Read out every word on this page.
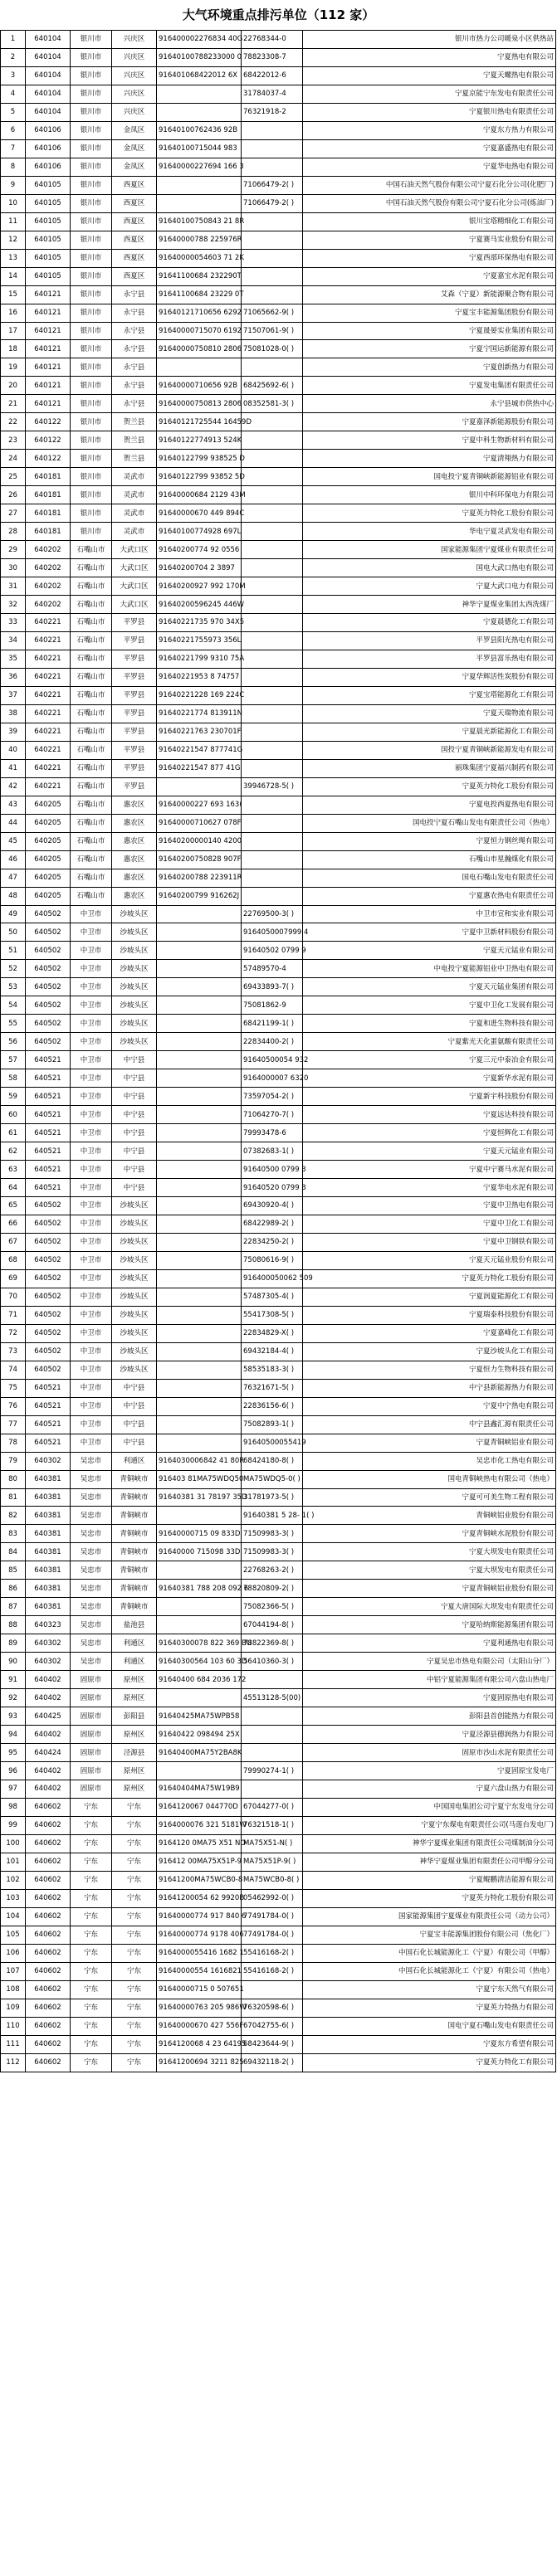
大气环境重点排污单位（112 家）
1	640104	银川市	兴庆区	916400002276834 40G	22768344-0	银川市热力公司暖泉小区供热站
2	640104	银川市	兴庆区	91640100788233000 0	78823308-7	宁夏热电有限公司
3	640104	银川市	兴庆区	916401068422012 6X	68422012-6	宁夏天螺热电有限公司
4	640104	银川市	兴庆区		31784037-4	宁夏京能宁东发电有限责任公司
5	640104	银川市	兴庆区		76321918-2	宁夏银川热电有限责任公司
6	640106	银川市	金凤区	91640100762436 92B		宁夏东方热力有限公司
7	640106	银川市	金凤区	91640100715044 983		宁夏嘉盛热电有限公司
8	640106	银川市	金凤区	91640000227694 166 3		宁夏华电热电有限公司
9	640105	银川市	西夏区		71066479-2( )	中国石油天然气股份有限公司宁夏石化分公司(化肥厂)
10	640105	银川市	西夏区		71066479-2( )	中国石油天然气股份有限公司宁夏石化分公司(炼油厂)
11	640105	银川市	西夏区	91640100750843 21 8R		银川宝塔精细化工有限公司
12	640105	银川市	西夏区	91640000788 225976R		宁夏赛马实业股份有限公司
13	640105	银川市	西夏区	91640000054603 71 2K		宁夏西部环保热电有限公司
14	640105	银川市	西夏区	91641100684 232290T		宁夏嘉宝水泥有限公司
15	640121	银川市	永宁县	91641100684 23229 0T		艾森（宁夏）新能源聚合物有限公司
16	640121	银川市	永宁县	91640121710656 6292	71065662-9( )	宁夏宝丰能源集团股份有限公司
17	640121	银川市	永宁县	91640000715070 6192	71507061-9( )	宁夏晟晏实业集团有限公司
18	640121	银川市	永宁县	91640000750810 2806	75081028-0( )	宁夏宁国运新能源有限公司
19	640121	银川市	永宁县			宁夏创新热力有限公司
20	640121	银川市	永宁县	91640000710656 92B	68425692-6( )	宁夏发电集团有限责任公司
21	640121	银川市	永宁县	91640000750813 2806	08352581-3( )	永宁县城市供热中心
22	640122	银川市	贺兰县	91640121725544 16459D		宁夏嘉泽新能源股份有限公司
23	640122	银川市	贺兰县	91640122774913 524K		宁夏中科生物新材料有限公司
24	640122	银川市	贺兰县	91640122799 938525 D		宁夏清翔热力有限公司
25	640181	银川市	灵武市	91640122799 93852 5D		国电投宁夏青铜峡新能源铝业有限公司
26	640181	银川市	灵武市	91640000684 2129 43M		银川中科环保电力有限公司
27	640181	银川市	灵武市	91640000670 449 894C		宁夏英力特化工股份有限公司
28	640181	银川市	灵武市	91640100774928 697L		华电宁夏灵武发电有限公司
29	640202	石嘴山市	大武口区	91640200774 92 0556		国家能源集团宁夏煤业有限责任公司
30	640202	石嘴山市	大武口区	91640200704 2 3897		国电大武口热电有限公司
31	640202	石嘴山市	大武口区	91640200927 992 170M		宁夏大武口电力有限公司
32	640202	石嘴山市	大武口区	91640200596245 446W		神华宁夏煤业集团太西洗煤厂
33	640221	石嘴山市	平罗县	91640221735 970 34X5		宁夏晨德化工有限公司
34	640221	石嘴山市	平罗县	91640221755973 356L		平罗县阳光热电有限公司
35	640221	石嘴山市	平罗县	91640221799 9310 75A		平罗县富乐热电有限公司
36	640221	石嘴山市	平罗县	91640221953 8 74757		宁夏华辉活性炭股份有限公司
37	640221	石嘴山市	平罗县	91640221228 169 224C		宁夏宝塔能源化工有限公司
38	640221	石嘴山市	平罗县	91640221774 813911N		宁夏天瑞物流有限公司
39	640221	石嘴山市	平罗县	91640221763 230701F		宁夏晨光新能源化工有限公司
40	640221	石嘴山市	平罗县	91640221547 877741G		国投宁夏青铜峡新能源发电有限公司
41	640221	石嘴山市	平罗县	91640221547 877 41G		丽珠集团宁夏福兴制药有限公司
42	640221	石嘴山市	平罗县		39946728-5( )	宁夏英力特化工股份有限公司
43	640205	石嘴山市	惠农区	91640000227 693 163(		宁夏电投西夏热电有限公司
44	640205	石嘴山市	惠农区	91640000710627 078F		国电投宁夏石嘴山发电有限责任公司（热电）
45	640205	石嘴山市	惠农区	91640200000140 4200		宁夏恒力钢丝绳有限公司
46	640205	石嘴山市	惠农区	91640200750828 907F		石嘴山市星瀚煤化有限公司
47	640205	石嘴山市	惠农区	91640200788 223911R		国电石嘴山发电有限责任公司
48	640205	石嘴山市	惠农区	91640200799 916262J		宁夏惠农热电有限责任公司
49	640502	中卫市	沙坡头区		22769500-3( )	中卫市宣和实业有限公司
50	640502	中卫市	沙坡头区		9164050007999 4	宁夏中卫新材料股份有限公司
51	640502	中卫市	沙坡头区		91640502 0799 9	宁夏天元锰业有限公司
52	640502	中卫市	沙坡头区		57489570-4	中电投宁夏能源铝业中卫热电有限公司
53	640502	中卫市	沙坡头区		69433893-7( )	宁夏天元锰业集团有限公司
54	640502	中卫市	沙坡头区		75081862-9	宁夏中卫化工发展有限公司
55	640502	中卫市	沙坡头区		68421199-1( )	宁夏和进生物科技有限公司
56	640502	中卫市	沙坡头区		22834400-2( )	宁夏紫光天化蛋氨酸有限责任公司
57	640521	中卫市	中宁县		91640500054 932	宁夏三元中泰冶金有限公司
58	640521	中卫市	中宁县		9164000007 6320	宁夏新华水泥有限公司
59	640521	中卫市	中宁县		73597054-2( )	宁夏新宇科技股份有限公司
60	640521	中卫市	中宁县		71064270-7( )	宁夏远达科技有限公司
61	640521	中卫市	中宁县		79993478-6	宁夏恒辉化工有限公司
62	640521	中卫市	中宁县		07382683-1( )	宁夏天元锰业有限公司
63	640521	中卫市	中宁县		91640500 0799 3	宁夏中宁赛马水泥有限公司
64	640521	中卫市	中宁县		91640520 0799 3	宁夏华电水泥有限公司
65	640502	中卫市	沙坡头区		69430920-4( )	宁夏中卫热电有限公司
66	640502	中卫市	沙坡头区		68422989-2( )	宁夏中卫化工有限公司
67	640502	中卫市	沙坡头区		22834250-2( )	宁夏中卫钢铁有限公司
68	640502	中卫市	沙坡头区		75080616-9( )	宁夏天元锰业股份有限公司
69	640502	中卫市	沙坡头区		916400050062 509	宁夏英力特化工股份有限公司
70	640502	中卫市	沙坡头区		57487305-4( )	宁夏润夏能源化工有限公司
71	640502	中卫市	沙坡头区		55417308-5( )	宁夏瑞泰科技股份有限公司
72	640502	中卫市	沙坡头区		22834829-X( )	宁夏嘉峰化工有限公司
73	640502	中卫市	沙坡头区		69432184-4( )	宁夏沙坡头化工有限公司
74	640502	中卫市	沙坡头区		58535183-3( )	宁夏恒力生物科技有限公司
75	640521	中卫市	中宁县		76321671-5( )	中宁县新能源热力有限公司
76	640521	中卫市	中宁县		22836156-6( )	宁夏中宁热电有限公司
77	640521	中卫市	中宁县		75082893-1( )	中宁县鑫汇源有限责任公司
78	640521	中卫市	中宁县		91640500055419	宁夏青铜峡铝业有限公司
79	640302	吴忠市	利通区	9164030006842 41 80R	68424180-8( )	吴忠市化工热电有限公司
80	640381	吴忠市	青铜峡市	916403 81MA75WDQ50	MA75WDQ5-0( )	国电青铜峡热电有限公司（热电）
81	640381	吴忠市	青铜峡市	91640381 31 78197 35D	31781973-5( )	宁夏可可美生物工程有限公司
82	640381	吴忠市	青铜峡市		91640381 5 28- 1( )	青铜峡铝业股份有限公司
83	640381	吴忠市	青铜峡市	91640000715 09 833D	71509983-3( )	宁夏青铜峡水泥股份有限公司
84	640381	吴忠市	青铜峡市	91640000 715098 33D	71509983-3( )	宁夏大坝发电有限责任公司
85	640381	吴忠市	青铜峡市		22768263-2( )	宁夏大坝发电有限责任公司
86	640381	吴忠市	青铜峡市	91640381 788 208 092 6	78820809-2( )	宁夏青铜峡铝业股份有限公司
87	640381	吴忠市	青铜峡市		75082366-5( )	宁夏大唐国际大坝发电有限责任公司
88	640323	吴忠市	盐池县		67044194-8( )	宁夏哈纳斯能源集团有限公司
89	640302	吴忠市	利通区	91640300078 822 369 BU	78822369-8( )	宁夏利通热电有限公司
90	640302	吴忠市	利通区	91640300564 103 60 3D	56410360-3( )	宁夏吴忠市热电有限公司（太阳山分厂）
91	640402	固原市	原州区	91640400 684 2036 172		中铝宁夏能源集团有限公司六盘山热电厂
92	640402	固原市	原州区		45513128-5(00)	宁夏固原热电有限公司
93	640425	固原市	彭阳县	91640425MA75WPB58		彭阳县首创能热力有限公司
94	640402	固原市	原州区	91640422 098494 25X		宁夏泾源县德润热力有限公司
95	640424	固原市	泾源县	91640400MA75Y2BA8K		固原市沙山水泥有限责任公司
96	640402	固原市	原州区		79990274-1( )	宁夏固原宝发电厂
97	640402	固原市	原州区	91640404MA75W19B9		宁夏六盘山热力有限公司
98	640602	宁东	宁东	9164120067 044770D	67044277-0( )	中国国电集团公司宁夏宁东发电分公司
99	640602	宁东	宁东	9164000076 321 5181W	76321518-1( )	宁夏宁东煤电有限责任公司(马莲台发电厂)
100	640602	宁东	宁东	9164120 0MA75 X51 NO	MA75X51-N( )	神华宁夏煤业集团有限责任公司煤制油分公司
101	640602	宁东	宁东	916412 00MA75X51P-9	MA75X51P-9( )	神华宁夏煤业集团有限责任公司甲醇分公司
102	640602	宁东	宁东	91641200MA75WCB0-8	MA75WCB0-8( )	宁夏鲲鹏清洁能源有限公司
103	640602	宁东	宁东	91641200054 62 9920B	05462992-0( )	宁夏英力特化工股份有限公司
104	640602	宁东	宁东	91640000774 917 840 6	77491784-0( )	国家能源集团宁夏煤业有限责任公司（动力公司）
105	640602	宁东	宁东	91640000774 9178 406	77491784-0( )	宁夏宝丰能源集团股份有限公司（焦化厂）
106	640602	宁东	宁东	9164000055416 1682 1	55416168-2( )	中国石化长城能源化工（宁夏）有限公司（甲醇）
107	640602	宁东	宁东	91640000554 1616821	55416168-2( )	中国石化长城能源化工（宁夏）有限公司（热电）
108	640602	宁东	宁东	91640000715 0 507651		宁夏宁东天然气有限公司
109	640602	宁东	宁东	91640000763 205 986W	76320598-6( )	宁夏英力特热力有限公司
110	640602	宁东	宁东	91640000670 427 556F	67042755-6( )	国电宁夏石嘴山发电有限责任公司
111	640602	宁东	宁东	9164120068 4 23 64195	68423644-9( )	宁夏东方希望有限公司
112	640602	宁东	宁东	91641200694 3211 825	69432118-2( )	宁夏英力特化工有限公司
